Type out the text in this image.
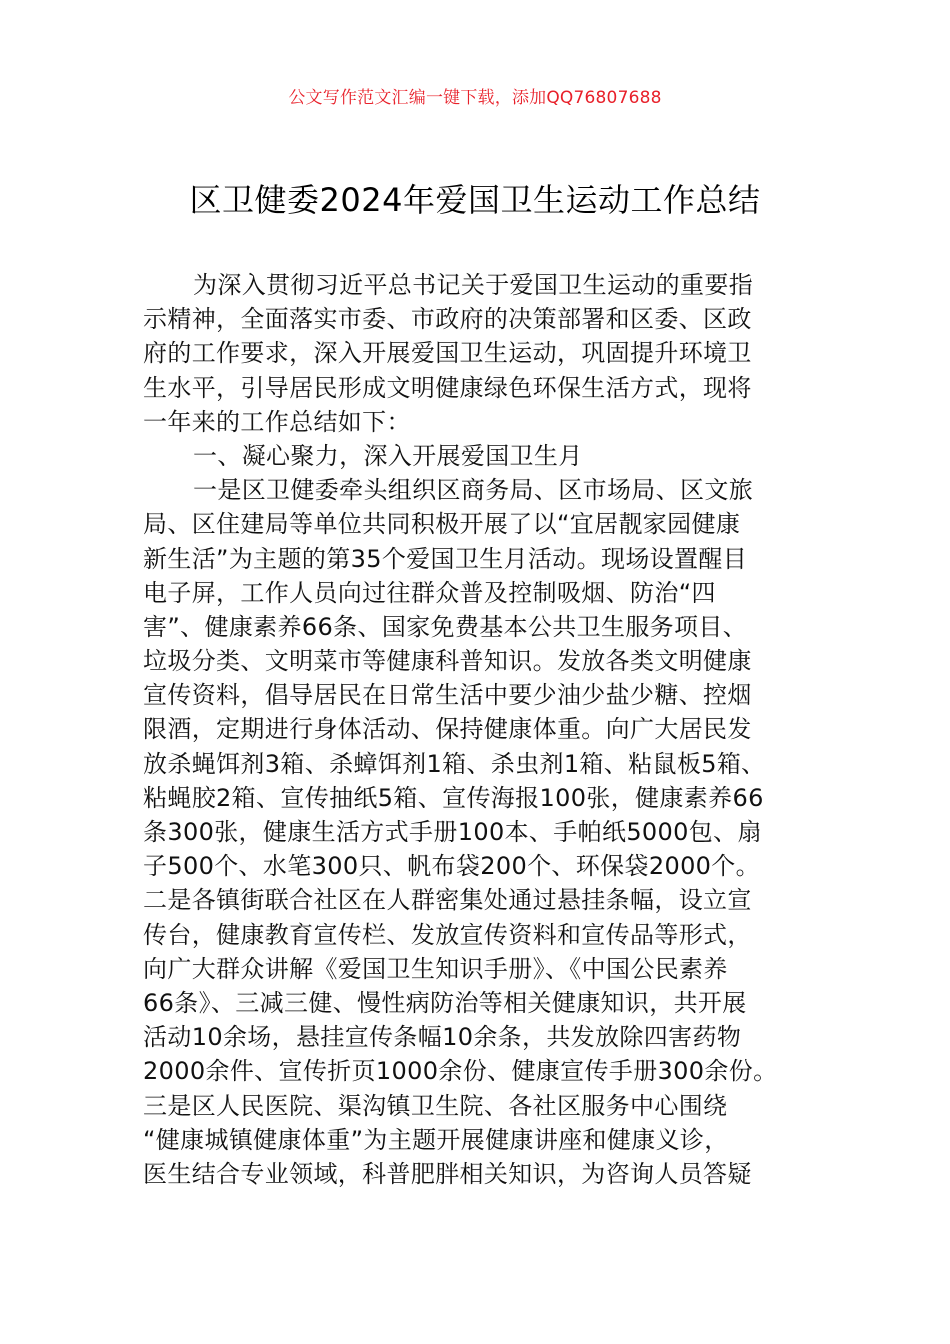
公文写作范文汇编一键下载，添加QQ76807688
区卫健委2024年爱国卫生运动工作总结
为深入贯彻习近平总书记关于爱国卫生运动的重要指
示精神，全面落实市委、市政府的决策部署和区委、区政
府的工作要求，深入开展爱国卫生运动，巩固提升环境卫
生水平，引导居民形成文明健康绿色环保生活方式，现将
一年来的工作总结如下：
一、凝心聚力，深入开展爱国卫生月
一是区卫健委牵头组织区商务局、区市场局、区文旅
局、区住建局等单位共同积极开展了以“宜居靓家园健康
新生活”为主题的第35个爱国卫生月活动。现场设置醒目
电子屏，工作人员向过往群众普及控制吸烟、防治“四
害”、健康素养66条、国家免费基本公共卫生服务项目、
垃圾分类、文明菜市等健康科普知识。发放各类文明健康
宣传资料，倡导居民在日常生活中要少油少盐少糖、控烟
限酒，定期进行身体活动、保持健康体重。向广大居民发
放杀蝇饵剂3箱、杀蟑饵剂1箱、杀虫剂1箱、粘鼠板5箱、
粘蝇胶2箱、宣传抽纸5箱、宣传海报100张，健康素养66
条300张，健康生活方式手册100本、手帕纸5000包、扇
子500个、水笔300只、帆布袋200个、环保袋2000个。
二是各镇街联合社区在人群密集处通过悬挂条幅，设立宣
传台，健康教育宣传栏、发放宣传资料和宣传品等形式，
向广大群众讲解《爱国卫生知识手册》、《中国公民素养
66条》、三减三健、慢性病防治等相关健康知识，共开展
活动10余场，悬挂宣传条幅10余条，共发放除四害药物
2000余件、宣传折页1000余份、健康宣传手册300余份。
三是区人民医院、渠沟镇卫生院、各社区服务中心围绕
“健康城镇健康体重”为主题开展健康讲座和健康义诊，
医生结合专业领域，科普肥胖相关知识，为咨询人员答疑
